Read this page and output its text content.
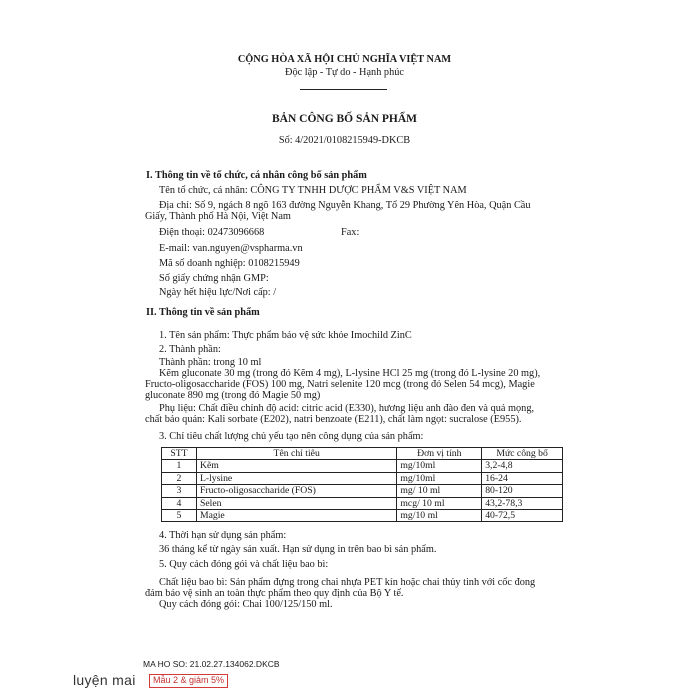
CỘNG HÒA XÃ HỘI CHỦ NGHĨA VIỆT NAM
Độc lập - Tự do - Hạnh phúc
BẢN CÔNG BỐ SẢN PHẨM
Số: 4/2021/0108215949-DKCB
I. Thông tin về tổ chức, cá nhân công bố sản phẩm
Tên tổ chức, cá nhân: CÔNG TY TNHH DƯỢC PHẨM V&S VIỆT NAM
Địa chỉ: Số 9, ngách 8 ngõ 163 đường Nguyễn Khang, Tổ 29 Phường Yên Hòa, Quận Cầu
Giấy, Thành phố Hà Nội, Việt Nam
Điện thoại: 02473096668	Fax:
E-mail: van.nguyen@vspharma.vn
Mã số doanh nghiệp: 0108215949
Số giấy chứng nhận GMP:
Ngày hết hiệu lực/Nơi cấp: /
II. Thông tin về sản phẩm
1. Tên sản phẩm: Thực phẩm bảo vệ sức khỏe Imochild ZinC
2. Thành phần:
Thành phần: trong 10 ml
Kẽm gluconate 30 mg (trong đó Kẽm 4 mg), L-lysine HCl 25 mg (trong đó L-lysine 20 mg),
Fructo-oligosaccharide (FOS) 100 mg, Natri selenite 120 mcg (trong đó Selen 54 mcg), Magie
gluconate 890 mg (trong đó Magie 50 mg)
Phụ liệu: Chất điều chỉnh độ acid: citric acid (E330), hương liệu anh đào đen và quả mọng,
chất bảo quản: Kali sorbate (E202), natri benzoate (E211), chất làm ngọt: sucralose (E955).
3. Chỉ tiêu chất lượng chủ yếu tạo nên công dụng của sản phẩm:
STT	Tên chỉ tiêu	Đơn vị tính	Mức công bố
1	Kẽm	mg/10ml	3,2-4,8
2	L-lysine	mg/10ml	16-24
3	Fructo-oligosaccharide (FOS)	mg/ 10 ml	80-120
4	Selen	mcg/ 10 ml	43,2-78,3
5	Magie	mg/10 ml	40-72,5
4. Thời hạn sử dụng sản phẩm:
36 tháng kể từ ngày sản xuất. Hạn sử dụng in trên bao bì sản phẩm.
5. Quy cách đóng gói và chất liệu bao bì:
Chất liệu bao bì: Sản phẩm đựng trong chai nhựa PET kín hoặc chai thủy tinh với cốc đong
đảm bảo vệ sinh an toàn thực phẩm theo quy định của Bộ Y tế.
Quy cách đóng gói: Chai 100/125/150 ml.
MA HO SO: 21.02.27.134062.DKCB
luyện mai	Mẫu 2 & giảm 5%
